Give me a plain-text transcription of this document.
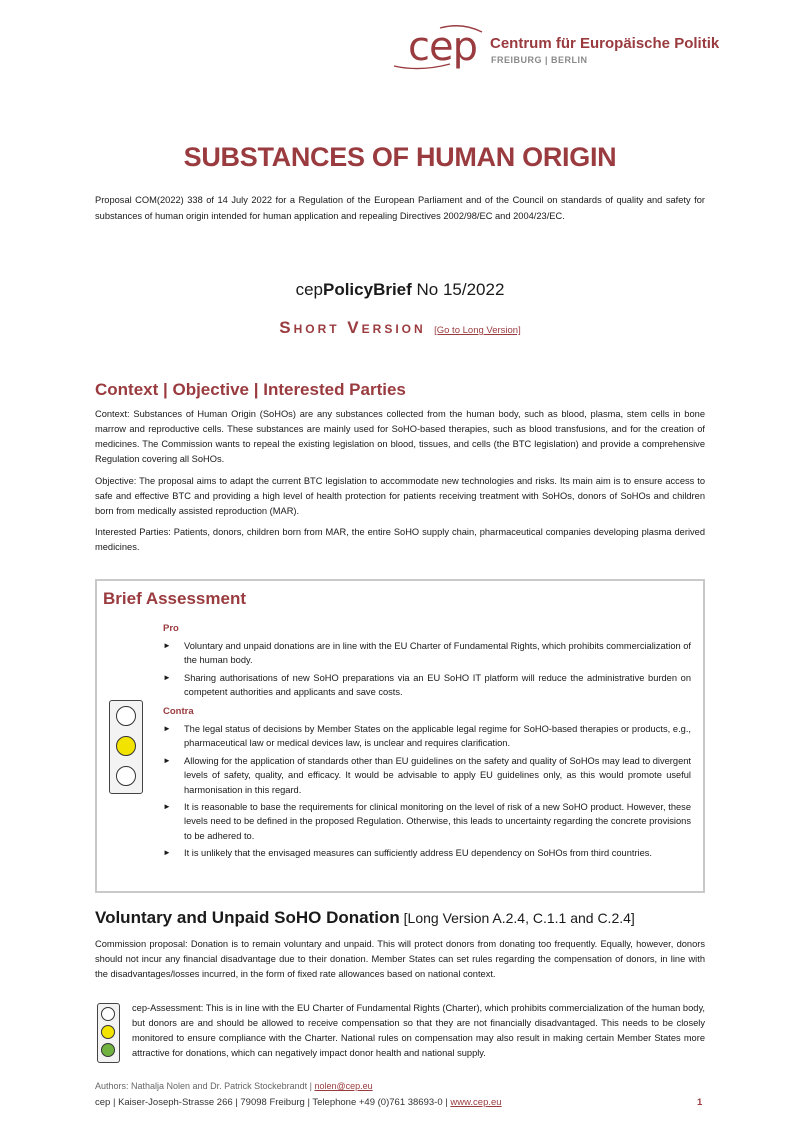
cep Centrum für Europäische Politik
FREIBURG | BERLIN
SUBSTANCES OF HUMAN ORIGIN

Proposal COM(2022) 338 of 14 July 2022 for a Regulation of the European Parliament and of the Council on standards of quality and safety for substances of human origin intended for human application and repealing Directives 2002/98/EC and 2004/23/EC.

cepPolicyBrief No 15/2022
Short Version [Go to Long Version]
Context | Objective | Interested Parties

Context: Substances of Human Origin (SoHOs) are any substances collected from the human body, such as blood, plasma, stem cells in bone marrow and reproductive cells. These substances are mainly used for SoHO-based therapies, such as blood transfusions, and for the creation of medicines. The Commission wants to repeal the existing legislation on blood, tissues, and cells (the BTC legislation) and provide a comprehensive Regulation covering all SoHOs.

Objective: The proposal aims to adapt the current BTC legislation to accommodate new technologies and risks. Its main aim is to ensure access to safe and effective BTC and providing a high level of health protection for patients receiving treatment with SoHOs, donors of SoHOs and children born from medically assisted reproduction (MAR).

Interested Parties: Patients, donors, children born from MAR, the entire SoHO supply chain, pharmaceutical companies developing plasma derived medicines.

Brief Assessment
Pro
► Voluntary and unpaid donations are in line with the EU Charter of Fundamental Rights, which prohibits commercialization of the human body.
► Sharing authorisations of new SoHO preparations via an EU SoHO IT platform will reduce the administrative burden on competent authorities and applicants and save costs.
Contra
► The legal status of decisions by Member States on the applicable legal regime for SoHO-based therapies or products, e.g., pharmaceutical law or medical devices law, is unclear and requires clarification.
► Allowing for the application of standards other than EU guidelines on the safety and quality of SoHOs may lead to divergent levels of safety, quality, and efficacy. It would be advisable to apply EU guidelines only, as this would promote useful harmonisation in this regard.
► It is reasonable to base the requirements for clinical monitoring on the level of risk of a new SoHO product. However, these levels need to be defined in the proposed Regulation. Otherwise, this leads to uncertainty regarding the concrete provisions to be adhered to.
► It is unlikely that the envisaged measures can sufficiently address EU dependency on SoHOs from third countries.
Voluntary and Unpaid SoHO Donation [Long Version A.2.4, C.1.1 and C.2.4]

Commission proposal: Donation is to remain voluntary and unpaid. This will protect donors from donating too frequently. Equally, however, donors should not incur any financial disadvantage due to their donation. Member States can set rules regarding the compensation of donors, in line with the disadvantages/losses incurred, in the form of fixed rate allowances based on national context.

cep-Assessment: This is in line with the EU Charter of Fundamental Rights (Charter), which prohibits commercialization of the human body, but donors are and should be allowed to receive compensation so that they are not financially disadvantaged. This needs to be closely monitored to ensure compliance with the Charter. National rules on compensation may also result in making certain Member States more attractive for donations, which can negatively impact donor health and national supply.

Authors: Nathalja Nolen and Dr. Patrick Stockebrandt | nolen@cep.eu
cep | Kaiser-Joseph-Strasse 266 | 79098 Freiburg | Telephone +49 (0)761 38693-0 | www.cep.eu	1
